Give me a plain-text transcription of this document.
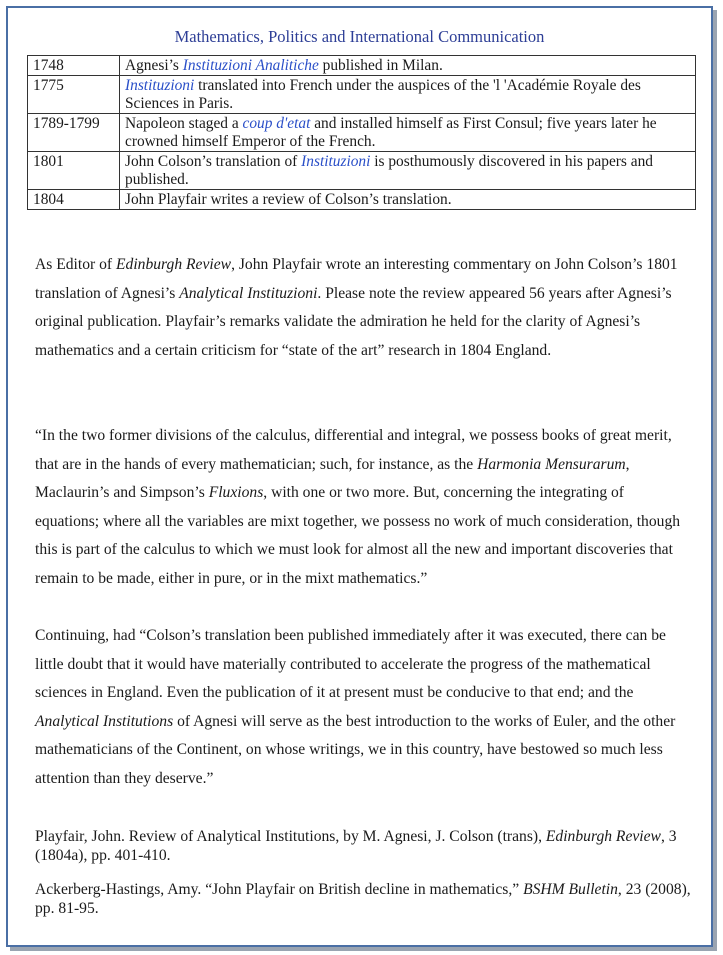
Mathematics, Politics and International Communication
1748	Agnesi’s Instituzioni Analitiche published in Milan.
1775	Instituzioni translated into French under the auspices of the 'l 'Académie Royale des Sciences in Paris.
1789-1799	Napoleon staged a coup d'etat and installed himself as First Consul; five years later he crowned himself Emperor of the French.
1801	John Colson’s translation of Instituzioni is posthumously discovered in his papers and published.
1804	John Playfair writes a review of Colson’s translation.
As Editor of Edinburgh Review, John Playfair wrote an interesting commentary on John Colson’s 1801 translation of Agnesi’s Analytical Instituzioni. Please note the review appeared 56 years after Agnesi’s original publication. Playfair’s remarks validate the admiration he held for the clarity of Agnesi’s mathematics and a certain criticism for “state of the art” research in 1804 England.
“In the two former divisions of the calculus, differential and integral, we possess books of great merit, that are in the hands of every mathematician; such, for instance, as the Harmonia Mensurarum, Maclaurin’s and Simpson’s Fluxions, with one or two more. But, concerning the integrating of equations; where all the variables are mixt together, we possess no work of much consideration, though this is part of the calculus to which we must look for almost all the new and important discoveries that remain to be made, either in pure, or in the mixt mathematics.”
Continuing, had “Colson’s translation been published immediately after it was executed, there can be little doubt that it would have materially contributed to accelerate the progress of the mathematical sciences in England. Even the publication of it at present must be conducive to that end; and the Analytical Institutions of Agnesi will serve as the best introduction to the works of Euler, and the other mathematicians of the Continent, on whose writings, we in this country, have bestowed so much less attention than they deserve.”

Playfair, John. Review of Analytical Institutions, by M. Agnesi, J. Colson (trans), Edinburgh Review, 3 (1804a), pp. 401-410.

Ackerberg-Hastings, Amy. “John Playfair on British decline in mathematics,” BSHM Bulletin, 23 (2008), pp. 81-95.
